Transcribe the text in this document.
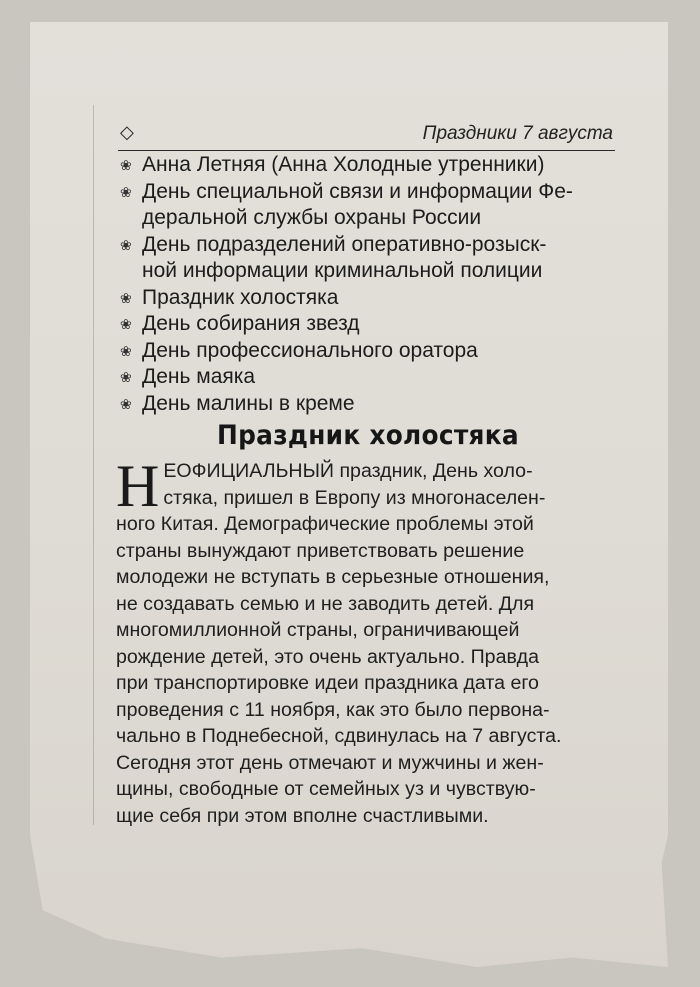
◇	Праздники 7 августа
❀ Анна Летняя (Анна Холодные утренники)
❀ День специальной связи и информации Фе-
деральной службы охраны России
❀ День подразделений оперативно-розыск-
ной информации криминальной полиции
❀ Праздник холостяка
❀ День собирания звезд
❀ День профессионального оратора
❀ День маяка
❀ День малины в креме
Праздник холостяка
НЕОФИЦИАЛЬНЫЙ праздник, День холо-
стяка, пришел в Европу из многонаселен-
ного Китая. Демографические проблемы этой
страны вынуждают приветствовать решение
молодежи не вступать в серьезные отношения,
не создавать семью и не заводить детей. Для
многомиллионной страны, ограничивающей
рождение детей, это очень актуально. Правда
при транспортировке идеи праздника дата его
проведения с 11 ноября, как это было первона-
чально в Поднебесной, сдвинулась на 7 августа.
Сегодня этот день отмечают и мужчины и жен-
щины, свободные от семейных уз и чувствую-
щие себя при этом вполне счастливыми.
